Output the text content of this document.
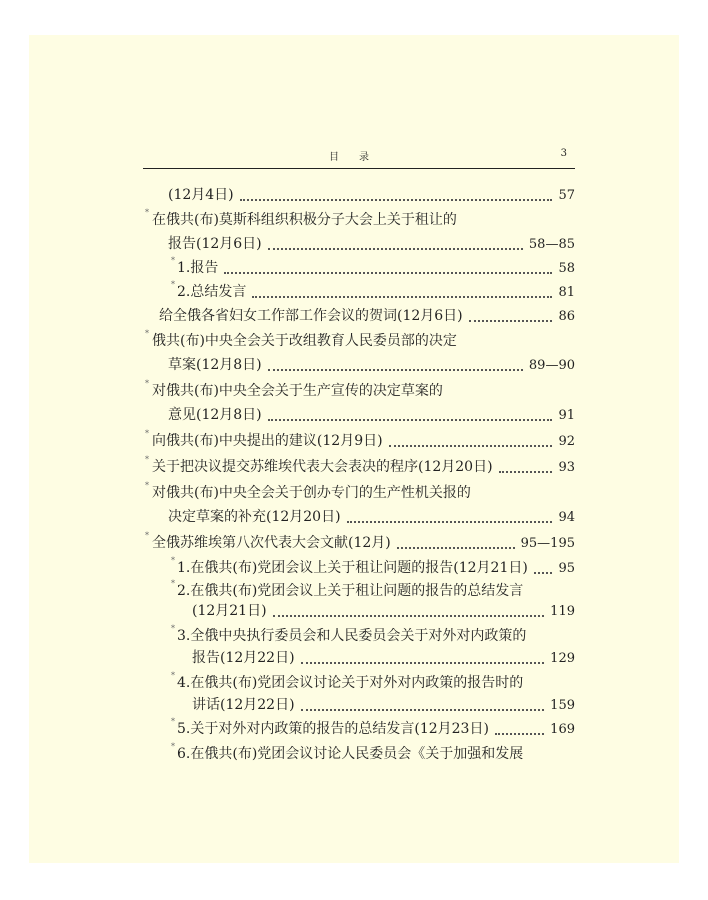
目　　录	3
(12月4日)	57
* 在俄共(布)莫斯科组织积极分子大会上关于租让的
报告(12月6日)	58—85
* 1.报告	58
* 2.总结发言	81
给全俄各省妇女工作部工作会议的贺词(12月6日)	86
* 俄共(布)中央全会关于改组教育人民委员部的决定
草案(12月8日)	89—90
* 对俄共(布)中央全会关于生产宣传的决定草案的
意见(12月8日)	91
* 向俄共(布)中央提出的建议(12月9日)	92
* 关于把决议提交苏维埃代表大会表决的程序(12月20日)	93
* 对俄共(布)中央全会关于创办专门的生产性机关报的
决定草案的补充(12月20日)	94
* 全俄苏维埃第八次代表大会文献(12月)	95—195
* 1.在俄共(布)党团会议上关于租让问题的报告(12月21日) 95
* 2.在俄共(布)党团会议上关于租让问题的报告的总结发言
(12月21日)	119
* 3.全俄中央执行委员会和人民委员会关于对外对内政策的
报告(12月22日)	129
* 4.在俄共(布)党团会议讨论关于对外对内政策的报告时的
讲话(12月22日)	159
* 5.关于对外对内政策的报告的总结发言(12月23日)	169
* 6.在俄共(布)党团会议讨论人民委员会《关于加强和发展
